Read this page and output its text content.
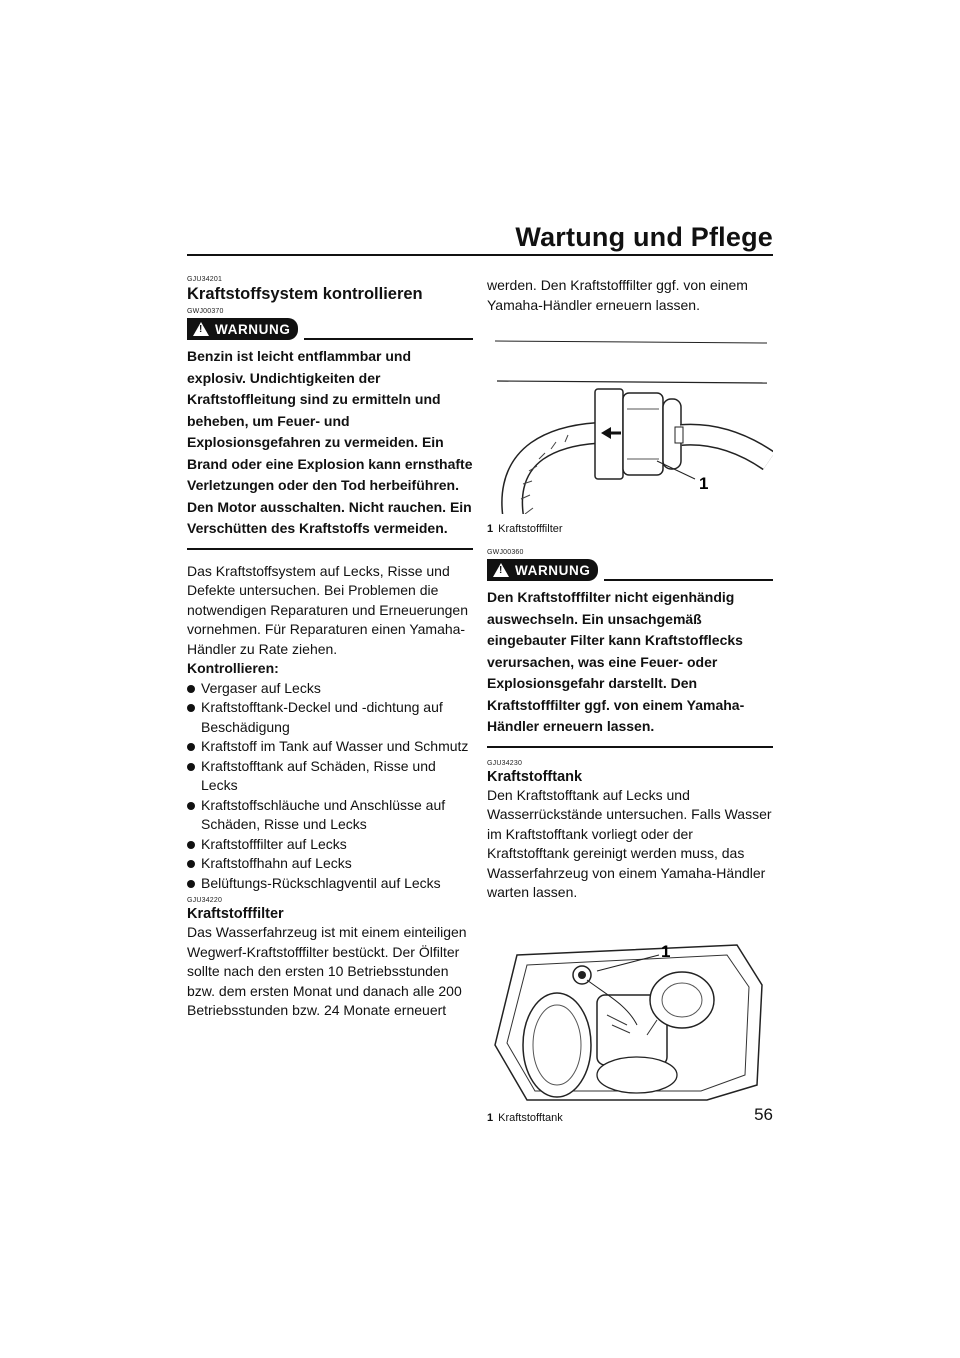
Wartung und Pflege
GJU34201
Kraftstoffsystem kontrollieren
GWJ00370
! WARNUNG
Benzin ist leicht entflammbar und explosiv. Undichtigkeiten der Kraftstoffleitung sind zu ermitteln und beheben, um Feuer- und Explosionsgefahren zu vermeiden. Ein Brand oder eine Explosion kann ernsthafte Verletzungen oder den Tod herbeiführen. Den Motor ausschalten. Nicht rauchen. Ein Verschütten des Kraftstoffs vermeiden.

Das Kraftstoffsystem auf Lecks, Risse und Defekte untersuchen. Bei Problemen die notwendigen Reparaturen und Erneuerungen vornehmen. Für Reparaturen einen Yamaha-Händler zu Rate ziehen.

Kontrollieren:

Vergaser auf Lecks
Kraftstofftank-Deckel und -dichtung auf Beschädigung
Kraftstoff im Tank auf Wasser und Schmutz
Kraftstofftank auf Schäden, Risse und Lecks
Kraftstoffschläuche und Anschlüsse auf Schäden, Risse und Lecks
Kraftstofffilter auf Lecks
Kraftstoffhahn auf Lecks
Belüftungs-Rückschlagventil auf Lecks
GJU34220
Kraftstofffilter

Das Wasserfahrzeug ist mit einem einteiligen Wegwerf-Kraftstofffilter bestückt. Der Ölfilter sollte nach den ersten 10 Betriebsstunden bzw. dem ersten Monat und danach alle 200 Betriebsstunden bzw. 24 Monate erneuert

werden. Den Kraftstofffilter ggf. von einem Yamaha-Händler erneuern lassen.

1
1 Kraftstofffilter
GWJ00360
! WARNUNG
Den Kraftstofffilter nicht eigenhändig auswechseln. Ein unsachgemäß eingebauter Filter kann Kraftstofflecks verursachen, was eine Feuer- oder Explosionsgefahr darstellt. Den Kraftstofffilter ggf. von einem Yamaha-Händler erneuern lassen.
GJU34230
Kraftstofftank

Den Kraftstofftank auf Lecks und Wasserrückstände untersuchen. Falls Wasser im Kraftstofftank vorliegt oder der Kraftstofftank gereinigt werden muss, das Wasserfahrzeug von einem Yamaha-Händler warten lassen.

1
1 Kraftstofftank	56
